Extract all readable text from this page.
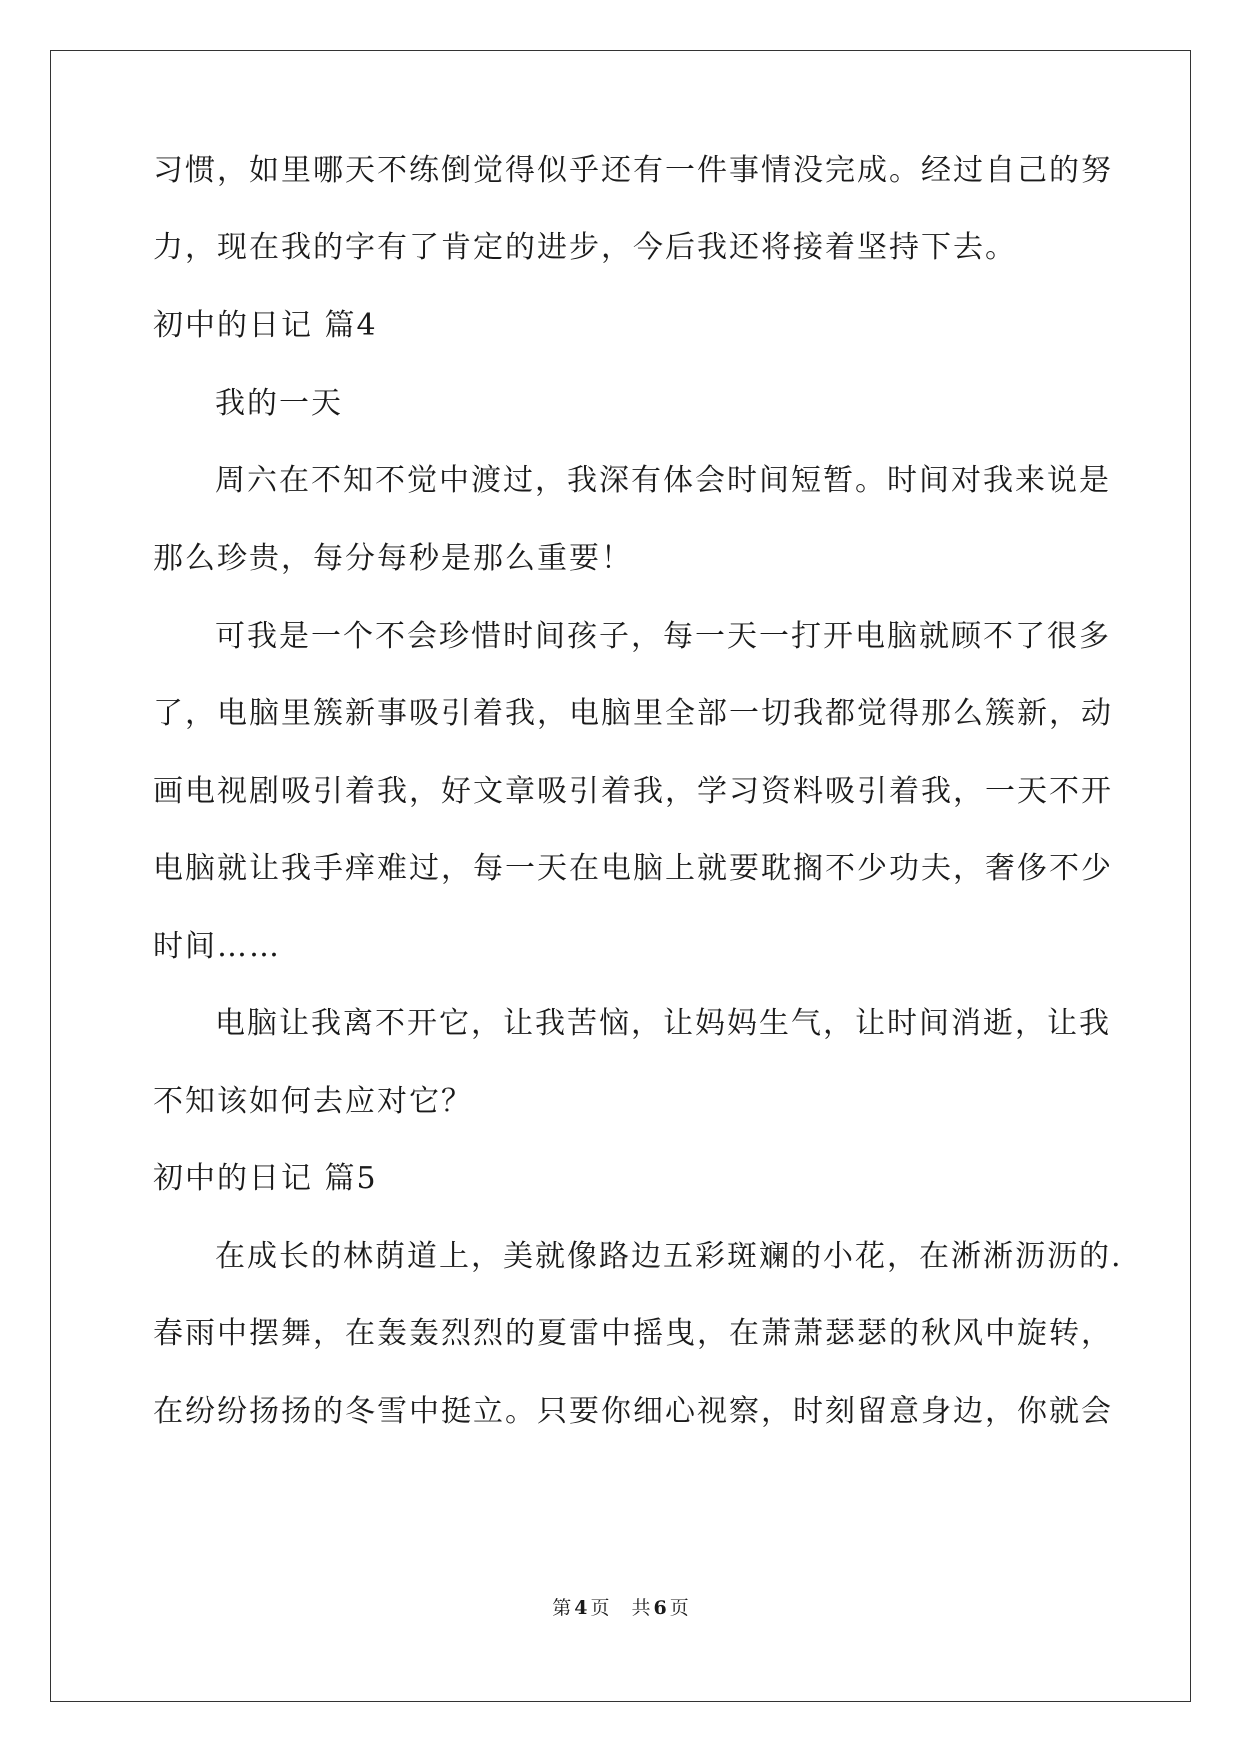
习惯，如里哪天不练倒觉得似乎还有一件事情没完成。经过自己的努
力，现在我的字有了肯定的进步，今后我还将接着坚持下去。
初中的日记 篇4
我的一天
周六在不知不觉中渡过，我深有体会时间短暂。时间对我来说是
那么珍贵，每分每秒是那么重要！
可我是一个不会珍惜时间孩子，每一天一打开电脑就顾不了很多
了，电脑里簇新事吸引着我，电脑里全部一切我都觉得那么簇新，动
画电视剧吸引着我，好文章吸引着我，学习资料吸引着我，一天不开
电脑就让我手痒难过，每一天在电脑上就要耽搁不少功夫，奢侈不少
时间……
电脑让我离不开它，让我苦恼，让妈妈生气，让时间消逝，让我
不知该如何去应对它？
初中的日记 篇5
在成长的林荫道上，美就像路边五彩斑斓的小花，在淅淅沥沥的.
春雨中摆舞，在轰轰烈烈的夏雷中摇曳，在萧萧瑟瑟的秋风中旋转，
在纷纷扬扬的冬雪中挺立。只要你细心视察，时刻留意身边，你就会
第 4 页 共 6 页
